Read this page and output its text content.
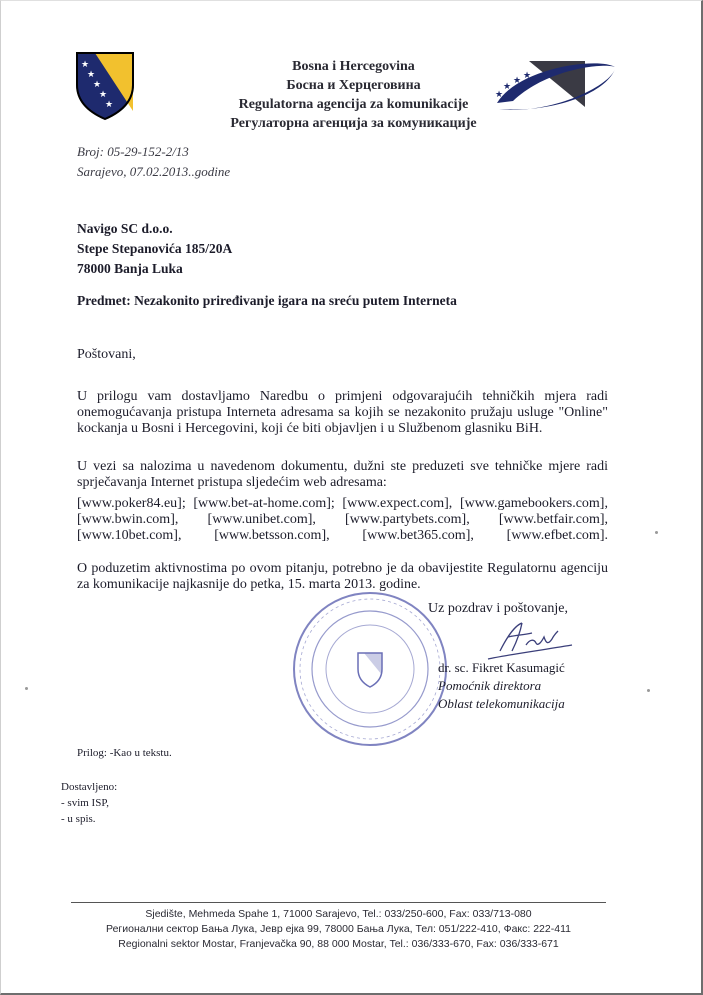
★
★
★
★
★
Bosna i Hercegovina
Босна и Херцеговина
Regulatorna agencija za komunikacije
Регулаторна агенција за комуникације
★
★
★ ★
Broj: 05-29-152-2/13
Sarajevo, 07.02.2013..godine
Navigo SC d.o.o.
Stepe Stepanovića 185/20A
78000 Banja Luka
Predmet: Nezakonito priređivanje igara na sreću putem Interneta
Poštovani,
U prilogu vam dostavljamo Naredbu o primjeni odgovarajućih tehničkih mjera radi onemogućavanja pristupa Interneta adresama sa kojih se nezakonito pružaju usluge "Online" kockanja u Bosni i Hercegovini, koji će biti objavljen i u Službenom glasniku BiH.
U vezi sa nalozima u navedenom dokumentu, dužni ste preduzeti sve tehničke mjere radi sprječavanja Internet pristupa sljedećim web adresama:
[www.poker84.eu]; [www.bet-at-home.com]; [www.expect.com], [www.gamebookers.com],
[www.bwin.com], [www.unibet.com], [www.partybets.com], [www.betfair.com],
[www.10bet.com], [www.betsson.com], [www.bet365.com], [www.efbet.com].
O poduzetim aktivnostima po ovom pitanju, potrebno je da obavijestite Regulatornu agenciju za komunikacije najkasnije do petka, 15. marta 2013. godine.
Uz pozdrav i poštovanje,
dr. sc. Fikret Kasumagić
Pomoćnik direktora
Oblast telekomunikacija
Prilog: -Kao u tekstu.
Dostavljeno:
- svim ISP,
- u spis.
Sjedište, Mehmeda Spahe 1, 71000 Sarajevo, Tel.: 033/250-600, Fax: 033/713-080
Регионални сектор Бања Лука, Јевр еjкa 99, 78000 Бања Лука, Тел: 051/222-410, Факс: 222-411
Regionalni sektor Mostar, Franjevačka 90, 88 000 Mostar, Tel.: 036/333-670, Fax: 036/333-671
